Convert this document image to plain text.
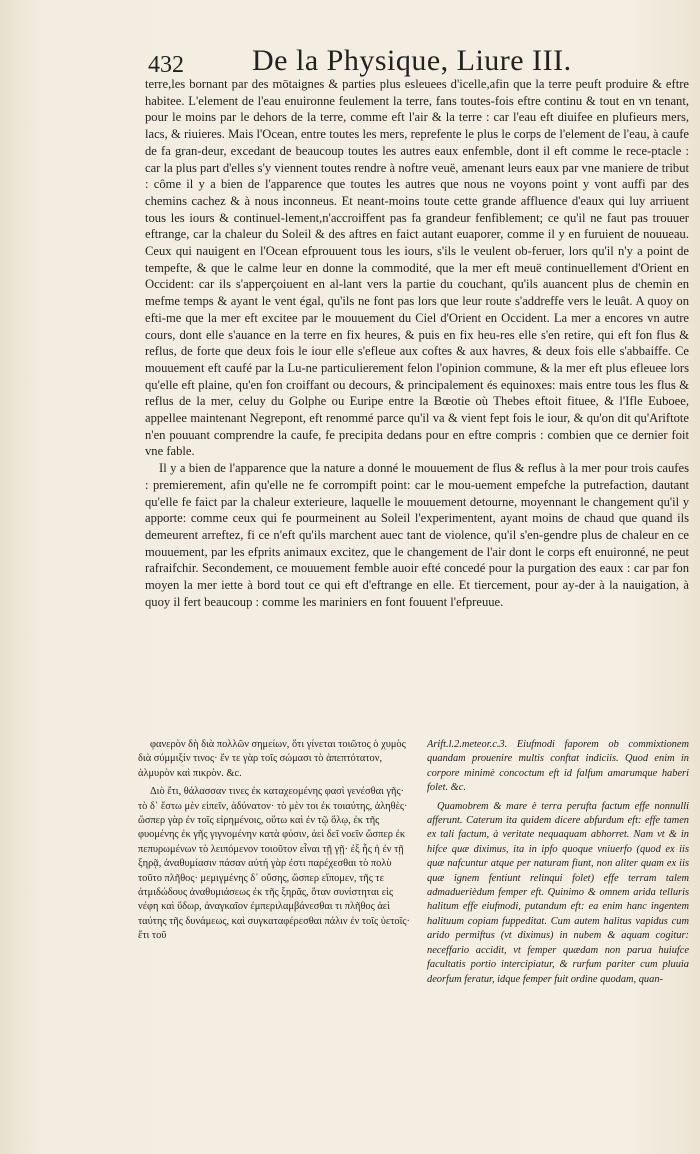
432 De la Physique, Liure III.

terre,les bornant par des mōtaignes & parties plus esleuees d'icelle,afin que la terre peuft produire & eftre habitee. L'element de l'eau enuironne feulement la terre, fans toutes-fois eftre continu & tout en vn tenant, pour le moins par le dehors de la terre, comme eft l'air & la terre : car l'eau eft diuifee en plufieurs mers, lacs, & riuieres. Mais l'Ocean, entre toutes les mers, reprefente le plus le corps de l'element de l'eau, à caufe de fa gran-deur, excedant de beaucoup toutes les autres eaux enfemble, dont il eft comme le rece-ptacle : car la plus part d'elles s'y viennent toutes rendre à noftre veuë, amenant leurs eaux par vne maniere de tribut : côme il y a bien de l'apparence que toutes les autres que nous ne voyons point y vont auffi par des chemins cachez & à nous inconneus. Et neant-moins toute cette grande affluence d'eaux qui luy arriuent tous les iours & continuel-lement,n'accroiffent pas fa grandeur fenfiblement; ce qu'il ne faut pas trouuer eftrange, car la chaleur du Soleil & des aftres en faict autant euaporer, comme il y en furuient de nouueau. Ceux qui nauigent en l'Ocean efprouuent tous les iours, s'ils le veulent ob-feruer, lors qu'il n'y a point de tempefte, & que le calme leur en donne la commodité, que la mer eft meuë continuellement d'Orient en Occident: car ils s'apperçoiuent en al-lant vers la partie du couchant, qu'ils auancent plus de chemin en mefme temps & ayant le vent égal, qu'ils ne font pas lors que leur route s'addreffe vers le leuât. A quoy on efti-me que la mer eft excitee par le mouuement du Ciel d'Orient en Occident. La mer a encores vn autre cours, dont elle s'auance en la terre en fix heures, & puis en fix heu-res elle s'en retire, qui eft fon flus & reflus, de forte que deux fois le iour elle s'efleue aux coftes & aux havres, & deux fois elle s'abbaiffe. Ce mouuement eft caufé par la Lu-ne particulierement felon l'opinion commune, & la mer eft plus efleuee lors qu'elle eft plaine, qu'en fon croiffant ou decours, & principalement és equinoxes: mais entre tous les flus & reflus de la mer, celuy du Golphe ou Euripe entre la Bœotie où Thebes eftoit fituee, & l'Ifle Euboee, appellee maintenant Negrepont, eft renommé parce qu'il va & vient fept fois le iour, & qu'on dit qu'Ariftote n'en pouuant comprendre la caufe, fe precipita dedans pour en eftre compris : combien que ce dernier foit vne fable.

Il y a bien de l'apparence que la nature a donné le mouuement de flus & reflus à la mer pour trois caufes : premierement, afin qu'elle ne fe corrompift point: car le mou-uement empefche la putrefaction, dautant qu'elle fe faict par la chaleur exterieure, laquelle le mouuement detourne, moyennant le changement qu'il y apporte: comme ceux qui fe pourmeinent au Soleil l'experimentent, ayant moins de chaud que quand ils demeurent arreftez, fi ce n'eft qu'ils marchent auec tant de violence, qu'il s'en-gendre plus de chaleur en ce mouuement, par les efprits animaux excitez, que le changement de l'air dont le corps eft enuironné, ne peut rafraifchir. Secondement, ce mouuement femble auoir efté concedé pour la purgation des eaux : car par fon moyen la mer iette à bord tout ce qui eft d'eftrange en elle. Et tiercement, pour ay-der à la nauigation, à quoy il fert beaucoup : comme les mariniers en font fouuent l'efpreuue.

φανερὸν δὴ διὰ πολλῶν σημείων, ὅτι γίνεται τοιῶτος ὁ χυμὸς διὰ σύμμιξίν τινος· ἔν τε γὰρ τοῖς σώμασι τὸ ἀπεπτότατον, ἁλμυρὸν καὶ πικρὸν. &c.

Διὸ ἔτι, θάλασσαν τινες ἐκ καταχεομένης φασὶ γενέσθαι γῆς· τὸ δ᾽ ἔστω μὲν εἰπεῖν, ἀδύνατον· τὸ μὲν τοι ἐκ τοιαύτης, ἀληθὲς· ὥσπερ γὰρ ἐν τοῖς εἰρημένοις, οὕτω καὶ ἐν τῷ ὅλῳ, ἐκ τῆς φυομένης ἐκ γῆς γιγνομένην κατὰ φύσιν, ἀεὶ δεῖ νοεῖν ὥσπερ ἐκ πεπυρωμένων τὸ λειπόμενον τοιοῦτον εἶναι τῇ γῇ· ἐξ ἧς ἡ ἐν τῇ ξηρᾷ, ἀναθυμίασιν πάσαν αὐτή γὰρ ἐστι παρέχεσθαι τὸ πολὺ τοῦτο πλῆθος· μεμιγμένης δ᾽ οὔσης, ὥσπερ εἴπομεν, τῆς τε ἀτμιδώδους ἀναθυμιάσεως ἐκ τῆς ξηρᾶς, ὅταν συνίστηται εἰς νέφη καὶ ὕδωρ, ἀναγκαῖον ἐμπεριλαμβάνεσθαι τι πλῆθος ἀεὶ ταύτης τῆς δυνάμεως, καὶ συγκαταφέρεσθαι πάλιν ἐν τοῖς ὑετοῖς· ἔτι τοῦ

Arift.l.2.meteor.c.3. Eiufmodi faporem ob commixtionem quandam prouenire multis conftat indiciis. Quod enim in corpore minimè concoctum eft id falfum amarumque haberi folet. &c.

Quamobrem & mare è terra perufta factum effe nonnulli afferunt. Caterum ita quidem dicere abfurdum eft: effe tamen ex tali factum, à veritate nequaquam abhorret. Nam vt & in hifce quæ diximus, ita in ipfo quoque vniuerfo (quod ex iis quæ nafcuntur atque per naturam fiunt, non aliter quam ex iis quæ ignem fentiunt relinqui folet) effe terram talem admaduerièdum femper eft. Quinimo & omnem arida telluris halitum effe eiufmodi, putandum eft: ea enim hanc ingentem halituum copiam fuppeditat. Cum autem halitus vapidus cum arido permiftus (vt diximus) in nubem & aquam cogitur: neceffario accidit, vt femper quædam non parua huiufce facultatis portio intercipiatur, & rurfum pariter cum pluuia deorfum feratur, idque femper fuit ordine quodam, quan-
